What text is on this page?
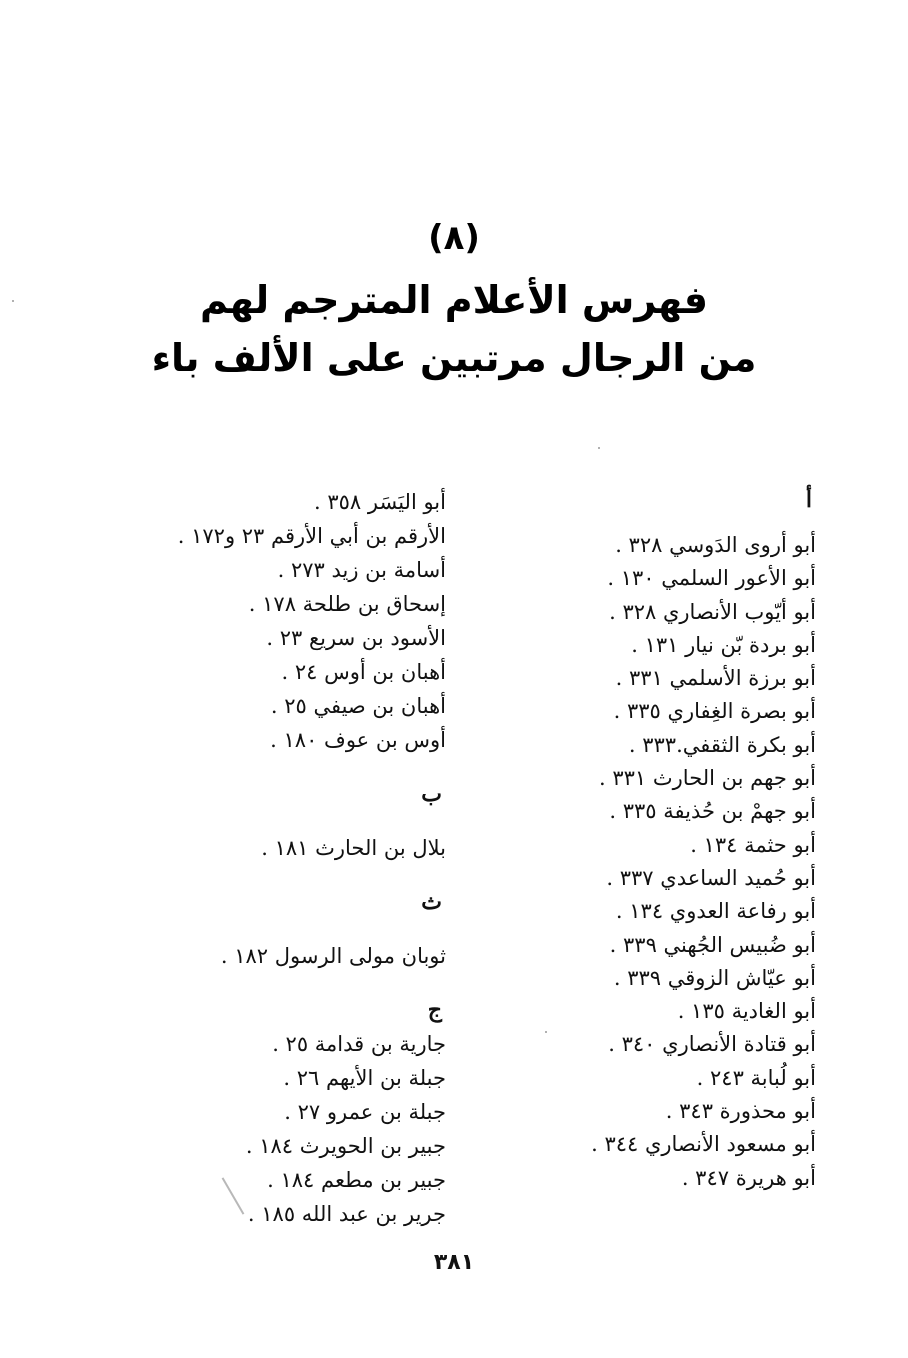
(٨)
فهرس الأعلام المترجم لهم
من الرجال مرتبين على الألف باء
أ
أبو أروى الدَوسي ٣٢٨ .
أبو الأعور السلمي ١٣٠ .
أبو أيّوب الأنصاري ٣٢٨ .
أبو بردة بّن نيار ١٣١ .
أبو برزة الأسلمي ٣٣١ .
أبو بصرة الغِفاري ٣٣٥ .
أبو بكرة الثقفي.٣٣٣ .
أبو جهم بن الحارث ٣٣١ .
أبو جهمْ بن حُذيفة ٣٣٥ .
أبو حثمة ١٣٤ .
أبو حُميد الساعدي ٣٣٧ .
أبو رفاعة العدوي ١٣٤ .
أبو ضُبيس الجُهني ٣٣٩ .
أبو عيّاش الزوقي ٣٣٩ .
أبو الغادية ١٣٥ .
أبو قتادة الأنصاري ٣٤٠ .
أبو لُبابة ٢٤٣ .
أبو محذورة ٣٤٣ .
أبو مسعود الأنصاري ٣٤٤ .
أبو هريرة ٣٤٧ .
أبو اليَسَر ٣٥٨ .
الأرقم بن أبي الأرقم ٢٣ و١٧٢ .
أسامة بن زيد ٢٧٣ .
إسحاق بن طلحة ١٧٨ .
الأسود بن سريع ٢٣ .
أهبان بن أوس ٢٤ .
أهبان بن صيفي ٢٥ .
أوس بن عوف ١٨٠ .
ب
بلال بن الحارث ١٨١ .
ث
ثوبان مولى الرسول ١٨٢ .
ج
جارية بن قدامة ٢٥ .
جبلة بن الأيهم ٢٦ .
جبلة بن عمرو ٢٧ .
جبير بن الحويرث ١٨٤ .
جبير بن مطعم ١٨٤ .
جرير بن عبد الله ١٨٥ .
٣٨١
